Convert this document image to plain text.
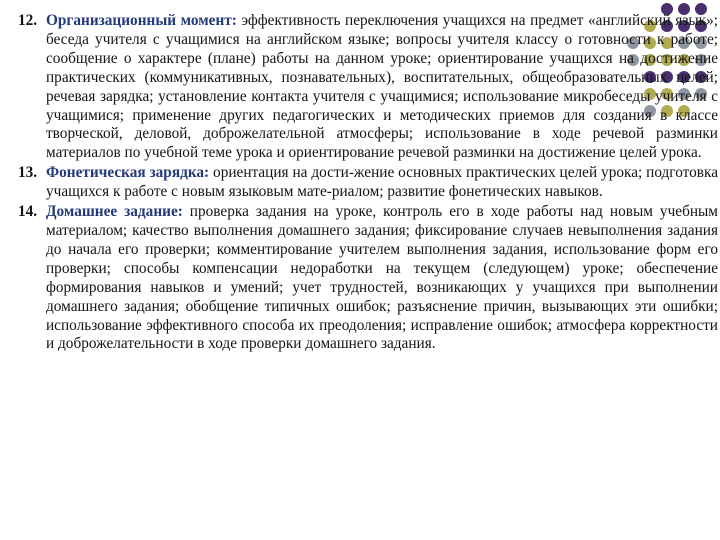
12. Организационный момент: эффективность переключения учащихся на предмет «английский язык»; беседа учителя с учащимися на английском языке; вопросы учителя классу о готовности к работе; сообщение о характере (плане) работы на данном уроке; ориентирование учащихся на достижение практических (коммуникативных, познавательных), воспитательных, общеобразовательных целей; речевая зарядка; установление контакта учителя с учащимися; использование микробеседы учителя с учащимися; применение других педагогических и методических приемов для создания в классе творческой, деловой, доброжелательной атмосферы; использование в ходе речевой разминки материалов по учебной теме урока и ориентирование речевой разминки на достижение целей урока.

13. Фонетическая зарядка: ориентация на дости-жение основных практических целей урока; подготовка учащихся к работе с новым языковым мате-риалом; развитие фонетических навыков.

14. Домашнее задание: проверка задания на уроке, контроль его в ходе работы над новым учебным материалом; качество выполнения домашнего задания; фиксирование случаев невыполнения задания до начала его проверки; комментирование учителем выполнения задания, использование форм его проверки; способы компенсации недоработки на текущем (следующем) уроке; обеспечение формирования навыков и умений; учет трудностей, возникающих у учащихся при выполнении домашнего задания; обобщение типичных ошибок; разъяснение причин, вызывающих эти ошибки; использование эффективного способа их преодоления; исправление ошибок; атмосфера корректности и доброжелательности в ходе проверки домашнего задания.
